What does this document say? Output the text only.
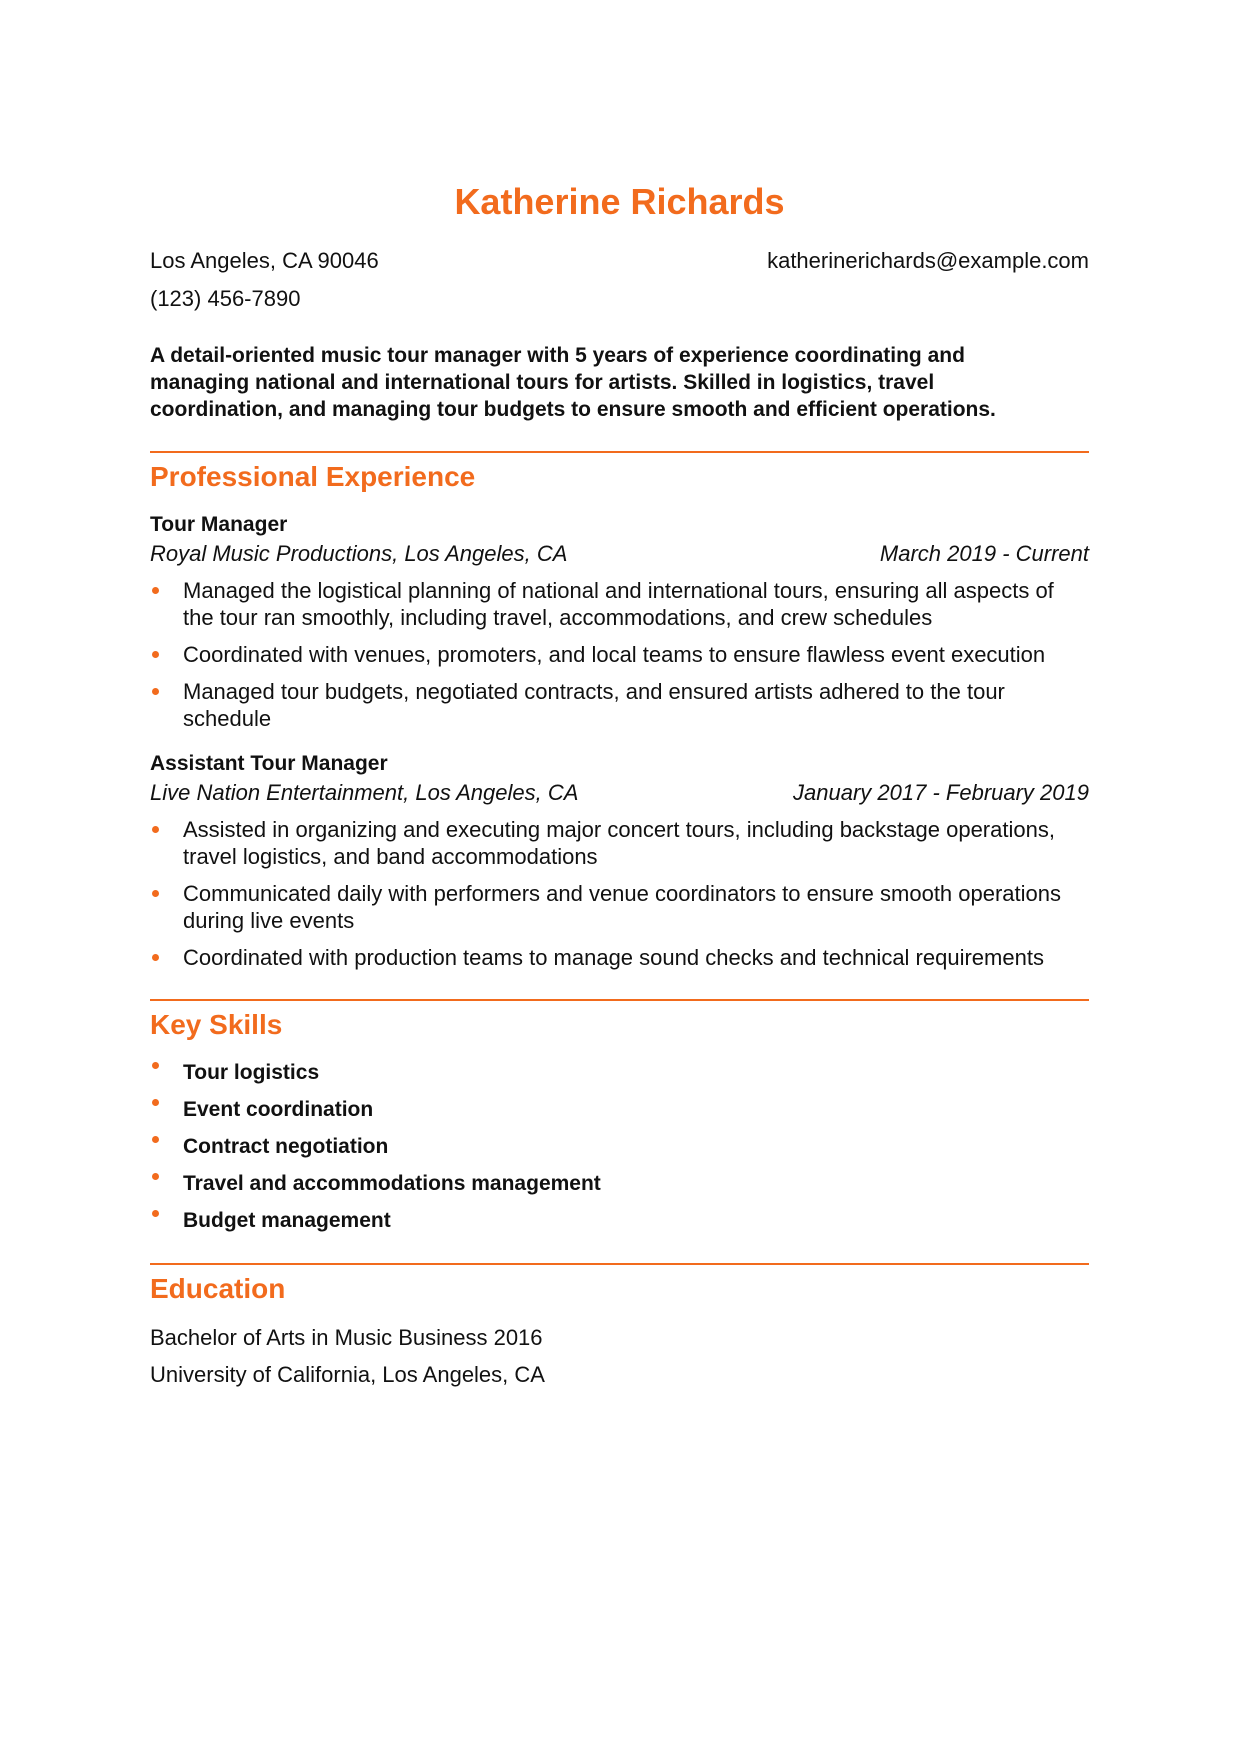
Katherine Richards
Los Angeles, CA 90046	katherinerichards@example.com
(123) 456-7890
A detail-oriented music tour manager with 5 years of experience coordinating and managing national and international tours for artists. Skilled in logistics, travel coordination, and managing tour budgets to ensure smooth and efficient operations.
Professional Experience
Tour Manager
Royal Music Productions, Los Angeles, CA	March 2019 - Current
Managed the logistical planning of national and international tours, ensuring all aspects of the tour ran smoothly, including travel, accommodations, and crew schedules
Coordinated with venues, promoters, and local teams to ensure flawless event execution
Managed tour budgets, negotiated contracts, and ensured artists adhered to the tour schedule
Assistant Tour Manager
Live Nation Entertainment, Los Angeles, CA	January 2017 - February 2019
Assisted in organizing and executing major concert tours, including backstage operations, travel logistics, and band accommodations
Communicated daily with performers and venue coordinators to ensure smooth operations during live events
Coordinated with production teams to manage sound checks and technical requirements
Key Skills
Tour logistics
Event coordination
Contract negotiation
Travel and accommodations management
Budget management
Education
Bachelor of Arts in Music Business 2016
University of California, Los Angeles, CA
